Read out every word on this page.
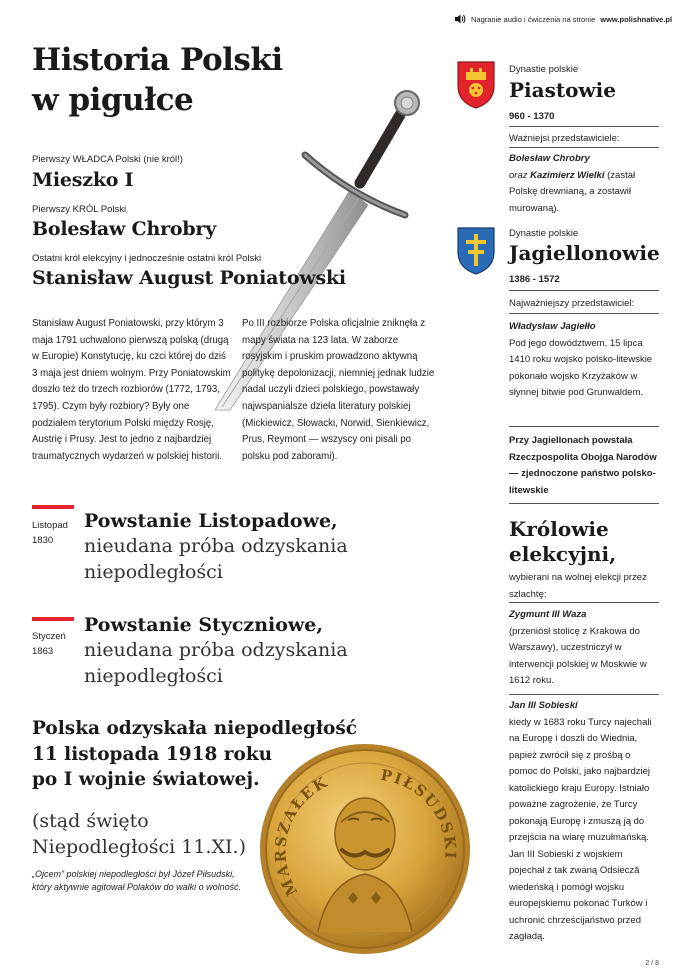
Nagranie audio i ćwiczenia na stronie www.polishnative.pl
Historia Polski
w pigułce
Pierwszy WŁADCA Polski (nie król!)
Mieszko I
Pierwszy KRÓL Polski
Bolesław Chrobry
Ostatni król elekcyjny i jednocześnie ostatni król Polski
Stanisław August Poniatowski
Stanisław August Poniatowski, przy którym 3 maja 1791 uchwalono pierwszą polską (drugą w Europie) Konstytucję, ku czci której do dziś 3 maja jest dniem wolnym. Przy Poniatowskim doszło też do trzech rozbiorów (1772, 1793, 1795). Czym były rozbiory? Były one podziałem terytorium Polski między Rosję, Austrię i Prusy. Jest to jedno z najbardziej traumatycznych wydarzeń w polskiej historii.
Po III rozbiorze Polska oficjalnie zniknęła z mapy świata na 123 lata. W zaborze rosyjskim i pruskim prowadzono aktywną politykę depolonizacji, niemniej jednak ludzie nadal uczyli dzieci polskiego, powstawały najwspanialsze dzieła literatury polskiej (Mickiewicz, Słowacki, Norwid, Sienkiewicz, Prus, Reymont — wszyscy oni pisali po polsku pod zaborami).
Listopad
1830
Powstanie Listopadowe,
nieudana próba odzyskania
niepodległości
Styczeń
1863
Powstanie Styczniowe,
nieudana próba odzyskania
niepodległości
Polska odzyskała niepodległość
11 listopada 1918 roku
po I wojnie światowej.
(stąd święto
Niepodległości 11.XI.)
„Ojcem” polskiej niepodległości był Józef Piłsudski, który aktywnie agitował Polaków do walki o wolność.	MARSZAŁEK	PIŁSUDSKI
Dynastie polskie
Piastowie
960 - 1370
Ważniejsi przedstawiciele:
Bolesław Chrobry
oraz Kazimierz Wielki (zastał Polskę drewnianą, a zostawił murowaną).
Dynastie polskie
Jagiellonowie
1386 - 1572
Najważniejszy przedstawiciel:
Władysław Jagiełło
Pod jego dowództwem, 15 lipca 1410 roku wojsko polsko-litewskie pokonało wojsko Krzyżaków w słynnej bitwie pod Grunwaldem.
Przy Jagiellonach powstała Rzeczpospolita Obojga Narodów — zjednoczone państwo polsko-litewskie
Królowie
elekcyjni,
wybierani na wolnej elekcji przez szlachtę:
Zygmunt III Waza
(przeniósł stolicę z Krakowa do Warszawy), uczestniczył w interwencji polskiej w Moskwie w 1612 roku.
Jan III Sobieski
kiedy w 1683 roku Turcy najechali na Europę i doszli do Wiednia, papież zwrócił się z prośbą o pomoc do Polski, jako najbardziej katolickiego kraju Europy. Istniało poważne zagrożenie, że Turcy pokonają Europę i zmuszą ją do przejścia na wiarę muzułmańską. Jan III Sobieski z wojskiem pojechał z tak zwaną Odsiecză wiedeńską i pomógł wojsku europejskiemu pokonać Turków i uchronić chrześcijaństwo przed zagładą.
2 / 8
